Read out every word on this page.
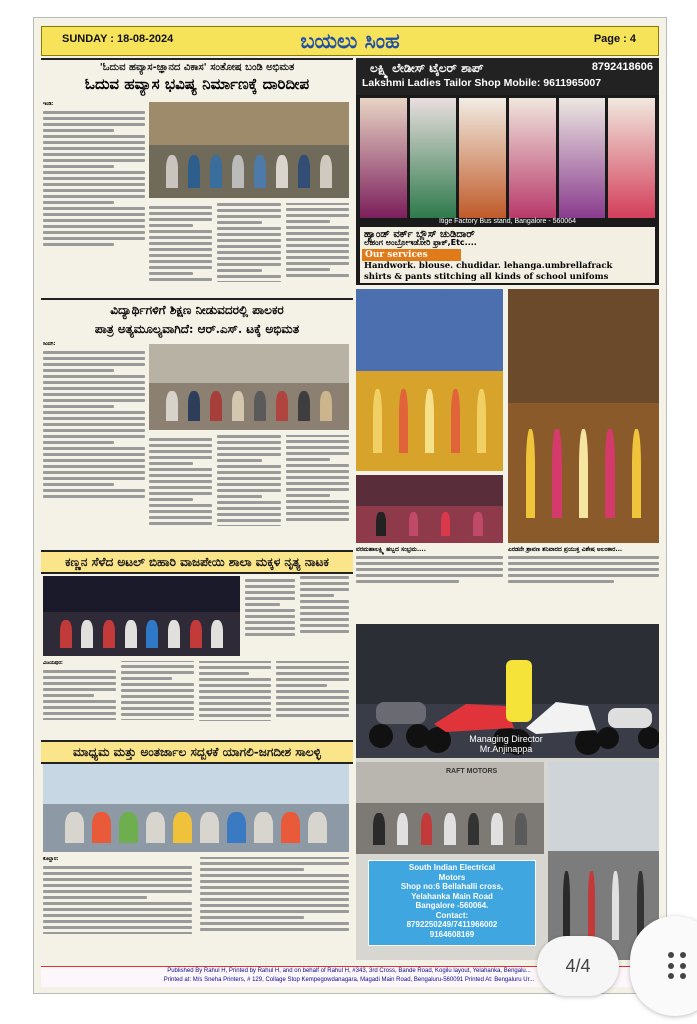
SUNDAY : 18-08-2024	ಬಯಲು ಸಿಂಹ	Page : 4
'ಓದುವ ಹವ್ಯಾಸ-ಜ್ಞಾನದ ವಿಕಾಸ' ಸಂತೋಷ ಬಂಡಿ ಅಭಿಮತ
ಓದುವ ಹವ್ಯಾಸ ಭವಿಷ್ಯ ನಿರ್ಮಾಣಕ್ಕೆ ದಾರಿದೀಪ
ಇಂಡಿ:
ವಿದ್ಯಾರ್ಥಿಗಳಿಗೆ ಶಿಕ್ಷಣ ನೀಡುವದರಲ್ಲಿ ಪಾಲಕರ
ಪಾತ್ರ ಅತ್ಯಮೂಲ್ಯವಾಗಿದೆ: ಆರ್.ಎಸ್. ಟಕ್ಕೆ ಅಭಿಮತ
ಸಿಂದಗಿ:
ಕಣ್ಣನ ಸೆಳೆದ ಅಟಲ್ ಬಿಹಾರಿ ವಾಜಪೇಯಿ ಶಾಲಾ ಮಕ್ಕಳ ನೃತ್ಯ ನಾಟಕ
ವಿಜಯಪುರ:
ಮಾಧ್ಯಮ ಮತ್ತು ಅಂತರ್ಜಾಲ ಸದ್ಬಳಕೆ ಯಾಗಲಿ-ಜಗದೀಶ ಸಾಲಳ್ಳಿ
ಕೊಲ್ಹಾರ:
ಲಕ್ಷ್ಮಿ ಲೇಡೀಸ್ ಟೈಲರ್ ಶಾಪ್	8792418606
Lakshmi Ladies Tailor Shop Mobile: 9611965007
Itige Factory Bus stand, Bangalore - 560064
ಹ್ಯಾಂಡ್ ವರ್ಕ್ ಬ್ಲೌಸ್ ಚುಡಿದಾರ್
ಲೆಹಂಗ ಅಂಬ್ರೋಇಡೋರಿ ಫ್ರಾಕ್,Etc....
Our services
Handwork. blouse. chudidar. lehanga.umbrellafrack
shirts & pants stitching all kinds of school unifoms
ವರಮಹಾಲಕ್ಷ್ಮಿ ಹಬ್ಬದ ಸಂಭ್ರಮ....	ಎರಡನೇ ಶ್ರಾವಣ ಶನಿವಾರದ ಪ್ರಯುಕ್ತ ವಿಶೇಷ ಅಲಂಕಾರ...
Managing Director
Mr.Anjinappa
RAFT MOTORS
South Indian Electrical
Motors
Shop no:6 Bellahalli cross,
Yelahanka Main Road
Bangalore -560064.
Contact:
8792250249/7411966002
9164608169
Published By Rahul H, Printed by Rahul H, and on behalf of Rahul H, #343, 3rd Cross, Bande Road, Kogilu layout, Yelahanka, Bengalu...
Printed at: M/s Sneha Printers, # 129, Collage Stop Kempegowdanagara, Magadi Main Road, Bengaluru-560091 Printed At: Bengaluru Ur...
4/4
